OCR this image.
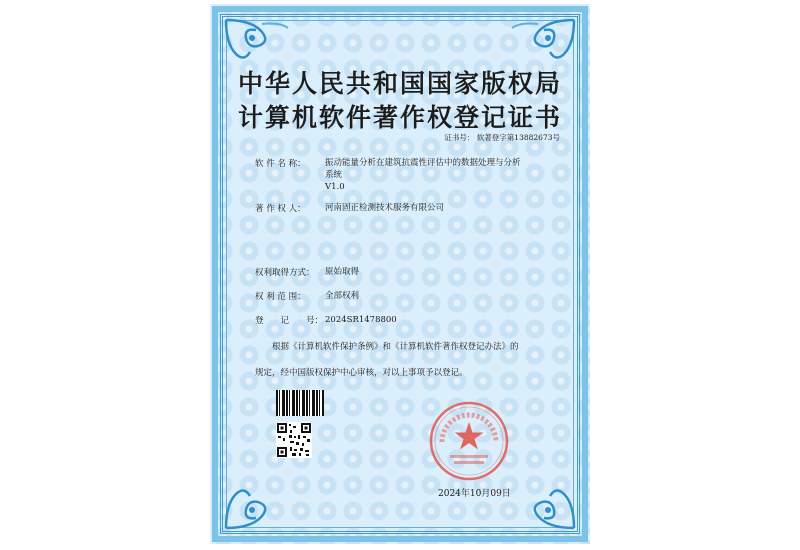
中华人民共和国国家版权局
计算机软件著作权登记证书
证书号： 软著登字第13882673号
软 件 名 称：	振动能量分析在建筑抗震性评估中的数据处理与分析
系统
V1.0
著 作 权 人：	河南固正检测技术服务有限公司
权利取得方式：	原始取得
权 利 范 围：	全部权利
登　　记　　号： 2024SR1478800
根据《计算机软件保护条例》和《计算机软件著作权登记办法》的
规定，经中国版权保护中心审核，对以上事项予以登记。
2024年10月09日
